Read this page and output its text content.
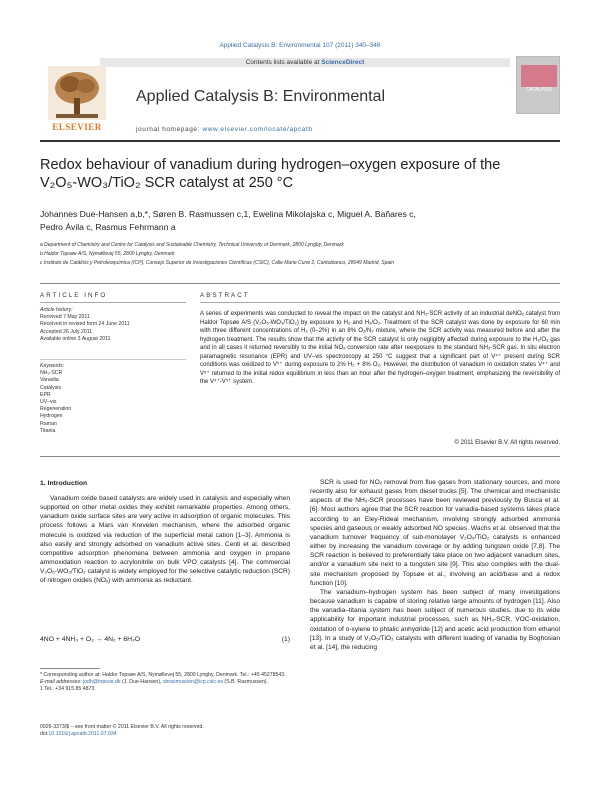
Applied Catalysis B: Environmental 107 (2011) 340–346
Contents lists available at ScienceDirect
ELSEVIER
Applied Catalysis B: Environmental
journal homepage: www.elsevier.com/locate/apcatb
CATALYSIS
Redox behaviour of vanadium during hydrogen–oxygen exposure of the
V₂O₅-WO₃/TiO₂ SCR catalyst at 250 °C
Johannes Due-Hansen a,b,*, Søren B. Rasmussen c,1, Ewelina Mikolajska c, Miguel A. Bañares c,
Pedro Ávila c, Rasmus Fehrmann a
a Department of Chemistry and Centre for Catalysis and Sustainable Chemistry, Technical University of Denmark, 2800 Lyngby, Denmark
b Haldor Topsøe A/S, Nymøllevej 55, 2800 Lyngby, Denmark
c Instituto de Catálisis y Petroleoquímica (ICP), Consejo Superior de Investigaciones Científicas (CSIC), Calle Marie Curie 2, Cantoblanco, 28049 Madrid, Spain
ARTICLE INFO	ABSTRACT
Article history:
Received 7 May 2011
Received in revised form 24 June 2011
Accepted 26 July 2011
Available online 3 August 2011
Keywords:
NH₃-SCR
Vanadia
Catalysis
EPR
UV–vis
Regeneration
Hydrogen
Raman
Titania
A series of experiments was conducted to reveal the impact on the catalyst and NH₃-SCR activity of an industrial deNOₓ catalyst from Haldor Topsøe A/S (V₂O₅-WO₃/TiO₂) by exposure to H₂ and H₂/O₂. Treatment of the SCR catalyst was done by exposure for 60 min with three different concentrations of H₂ (0–2%) in an 8% O₂/N₂ mixture, where the SCR activity was measured before and after the hydrogen treatment. The results show that the activity of the SCR catalyst is only negligibly affected during exposure to the H₂/O₂ gas and in all cases it returned reversibly to the initial NOₓ conversion rate after reexposure to the standard NH₃-SCR gas. In situ electron paramagnetic resonance (EPR) and UV–vis spectroscopy at 250 °C suggest that a significant part of V⁴⁺ present during SCR conditions was oxidized to V⁵⁺ during exposure to 2% H₂ + 8% O₂. However, the distribution of vanadium in oxidation states V⁴⁺ and V⁵⁺ returned to the initial redox equilibrium in less than an hour after the hydrogen–oxygen treatment, emphasizing the reversibility of the V⁴⁺-V⁵⁺ system.
© 2011 Elsevier B.V. All rights reserved.
1. Introduction

Vanadium oxide based catalysts are widely used in catalysis and especially when supported on other metal oxides they exhibit remarkable properties. Among others, vanadium oxide surface sites are very active in adsorption of organic molecules. This process follows a Mars van Krevelen mechanism, where the adsorbed organic molecule is oxidized via reduction of the superficial metal cation [1–3]. Ammonia is also easily and strongly adsorbed on vanadium active sites. Centi et al. described competitive adsorption phenomena between ammonia and oxygen in propane ammoxidation reaction to acrylonitrile on bulk VPO catalysts [4]. The commercial V₂O₅-WO₃/TiO₂ catalyst is widely employed for the selective catalytic reduction (SCR) of nitrogen oxides (NOₓ) with ammonia as reductant.

4NO + 4NH₃ + O₂ → 4N₂ + 6H₂O	(1)

SCR is used for NOₓ removal from flue gases from stationary sources, and more recently also for exhaust gases from diesel trucks [5]. The chemical and mechanistic aspects of the NH₃-SCR processes have been reviewed previously by Busca et al. [6]. Most authors agree that the SCR reaction for vanadia-based systems takes place according to an Eley-Rideal mechanism, involving strongly adsorbed ammonia species and gaseous or weakly adsorbed NO species. Wachs et al. observed that the vanadium turnover frequency of sub-monolayer V₂O₅/TiO₂ catalysts is enhanced either by increasing the vanadium coverage or by adding tungsten oxide [7,8]. The SCR reaction is believed to preferentially take place on two adjacent vanadium sites, and/or a vanadium site next to a tungsten site [9]. This also complies with the dual-site mechanism proposed by Topsøe et al., involving an acid/base and a redox function [10].

The vanadium–hydrogen system has been subject of many investigations because vanadium is capable of storing relative large amounts of hydrogen [11]. Also the vanadia–titania system has been subject of numerous studies, due to its wide applicability for important industrial processes, such as NH₃-SCR, VOC-oxidation, oxidation of o-xylene to phtalic anhydride [12] and acetic acid production from ethanol [13]. In a study of V₂O₅/TiO₂ catalysts with different loading of vanadia by Boghosian et al. [14], the reducing

* Corresponding author at: Haldor Topsøe A/S, Nymøllevej 55, 2800 Lyngby, Denmark. Tel.: +45 45278543.
E-mail addresses: jodh@topsoe.dk (J. Due-Hansen), sbrasmussen@icp.csic.es (S.B. Rasmussen).
1 Tel.: +34 915 85 4873.
0926-3373/$ – see front matter © 2011 Elsevier B.V. All rights reserved.
doi:10.1016/j.apcatb.2011.07.034
